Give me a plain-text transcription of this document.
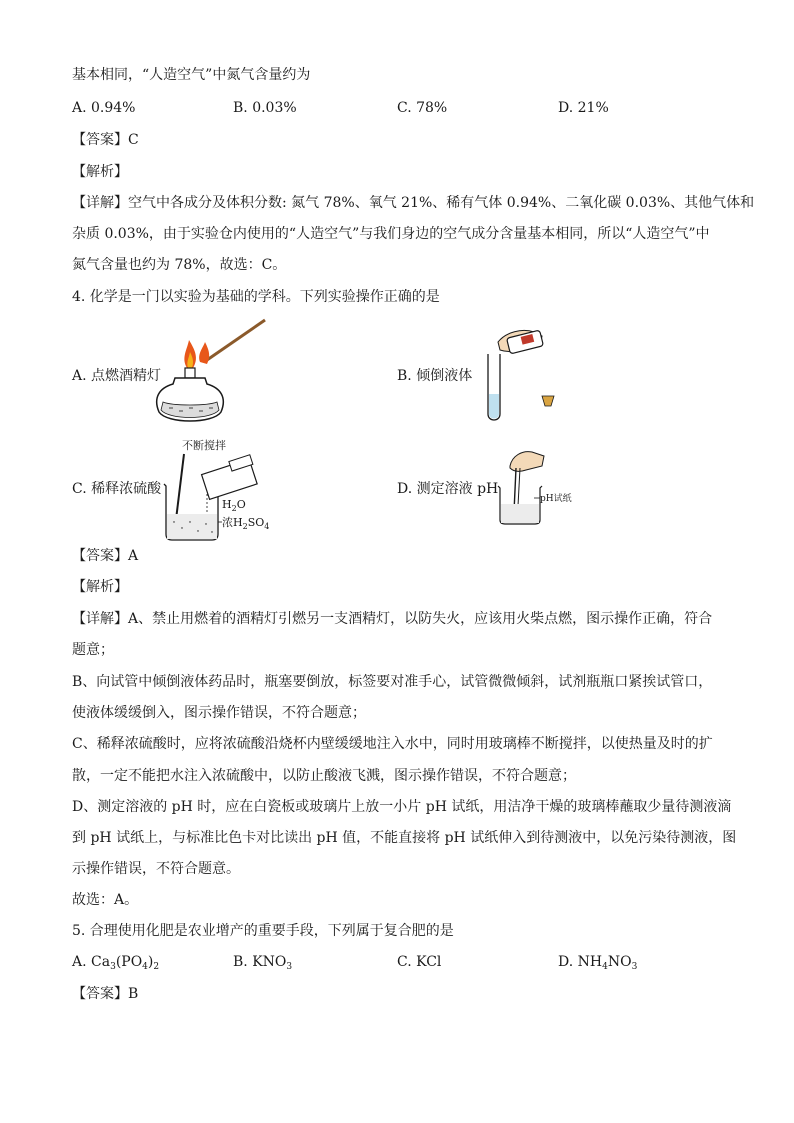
基本相同，“人造空气”中氮气含量约为
A. 0.94%	B. 0.03%	C. 78%	D. 21%
【答案】C
【解析】
【详解】空气中各成分及体积分数: 氮气 78%、氧气 21%、稀有气体 0.94%、二氧化碳 0.03%、其他气体和
杂质 0.03%，由于实验仓内使用的“人造空气”与我们身边的空气成分含量基本相同，所以“人造空气”中
氮气含量也约为 78%，故选：C。
4. 化学是一门以实验为基础的学科。下列实验操作正确的是
A. 点燃酒精灯	B. 倾倒液体
C. 稀释浓硫酸
不断搅拌
$H_2O$
浓$H_2SO_4$
D. 测定溶液 pH
pH试纸
【答案】A
【解析】
【详解】A、禁止用燃着的酒精灯引燃另一支酒精灯，以防失火，应该用火柴点燃，图示操作正确，符合
题意；
B、向试管中倾倒液体药品时，瓶塞要倒放，标签要对准手心，试管微微倾斜，试剂瓶瓶口紧挨试管口，
使液体缓缓倒入，图示操作错误，不符合题意；
C、稀释浓硫酸时，应将浓硫酸沿烧杯内壁缓缓地注入水中，同时用玻璃棒不断搅拌，以使热量及时的扩
散，一定不能把水注入浓硫酸中，以防止酸液飞溅，图示操作错误，不符合题意；
D、测定溶液的 pH 时，应在白瓷板或玻璃片上放一小片 pH 试纸，用洁净干燥的玻璃棒蘸取少量待测液滴
到 pH 试纸上，与标准比色卡对比读出 pH 值，不能直接将 pH 试纸伸入到待测液中，以免污染待测液，图
示操作错误，不符合题意。
故选：A。
5. 合理使用化肥是农业增产的重要手段，下列属于复合肥的是
A. $Ca_3(PO_4)_2$	B. $KNO_3$	C. KCl	D. $NH_4NO_3$
【答案】B
